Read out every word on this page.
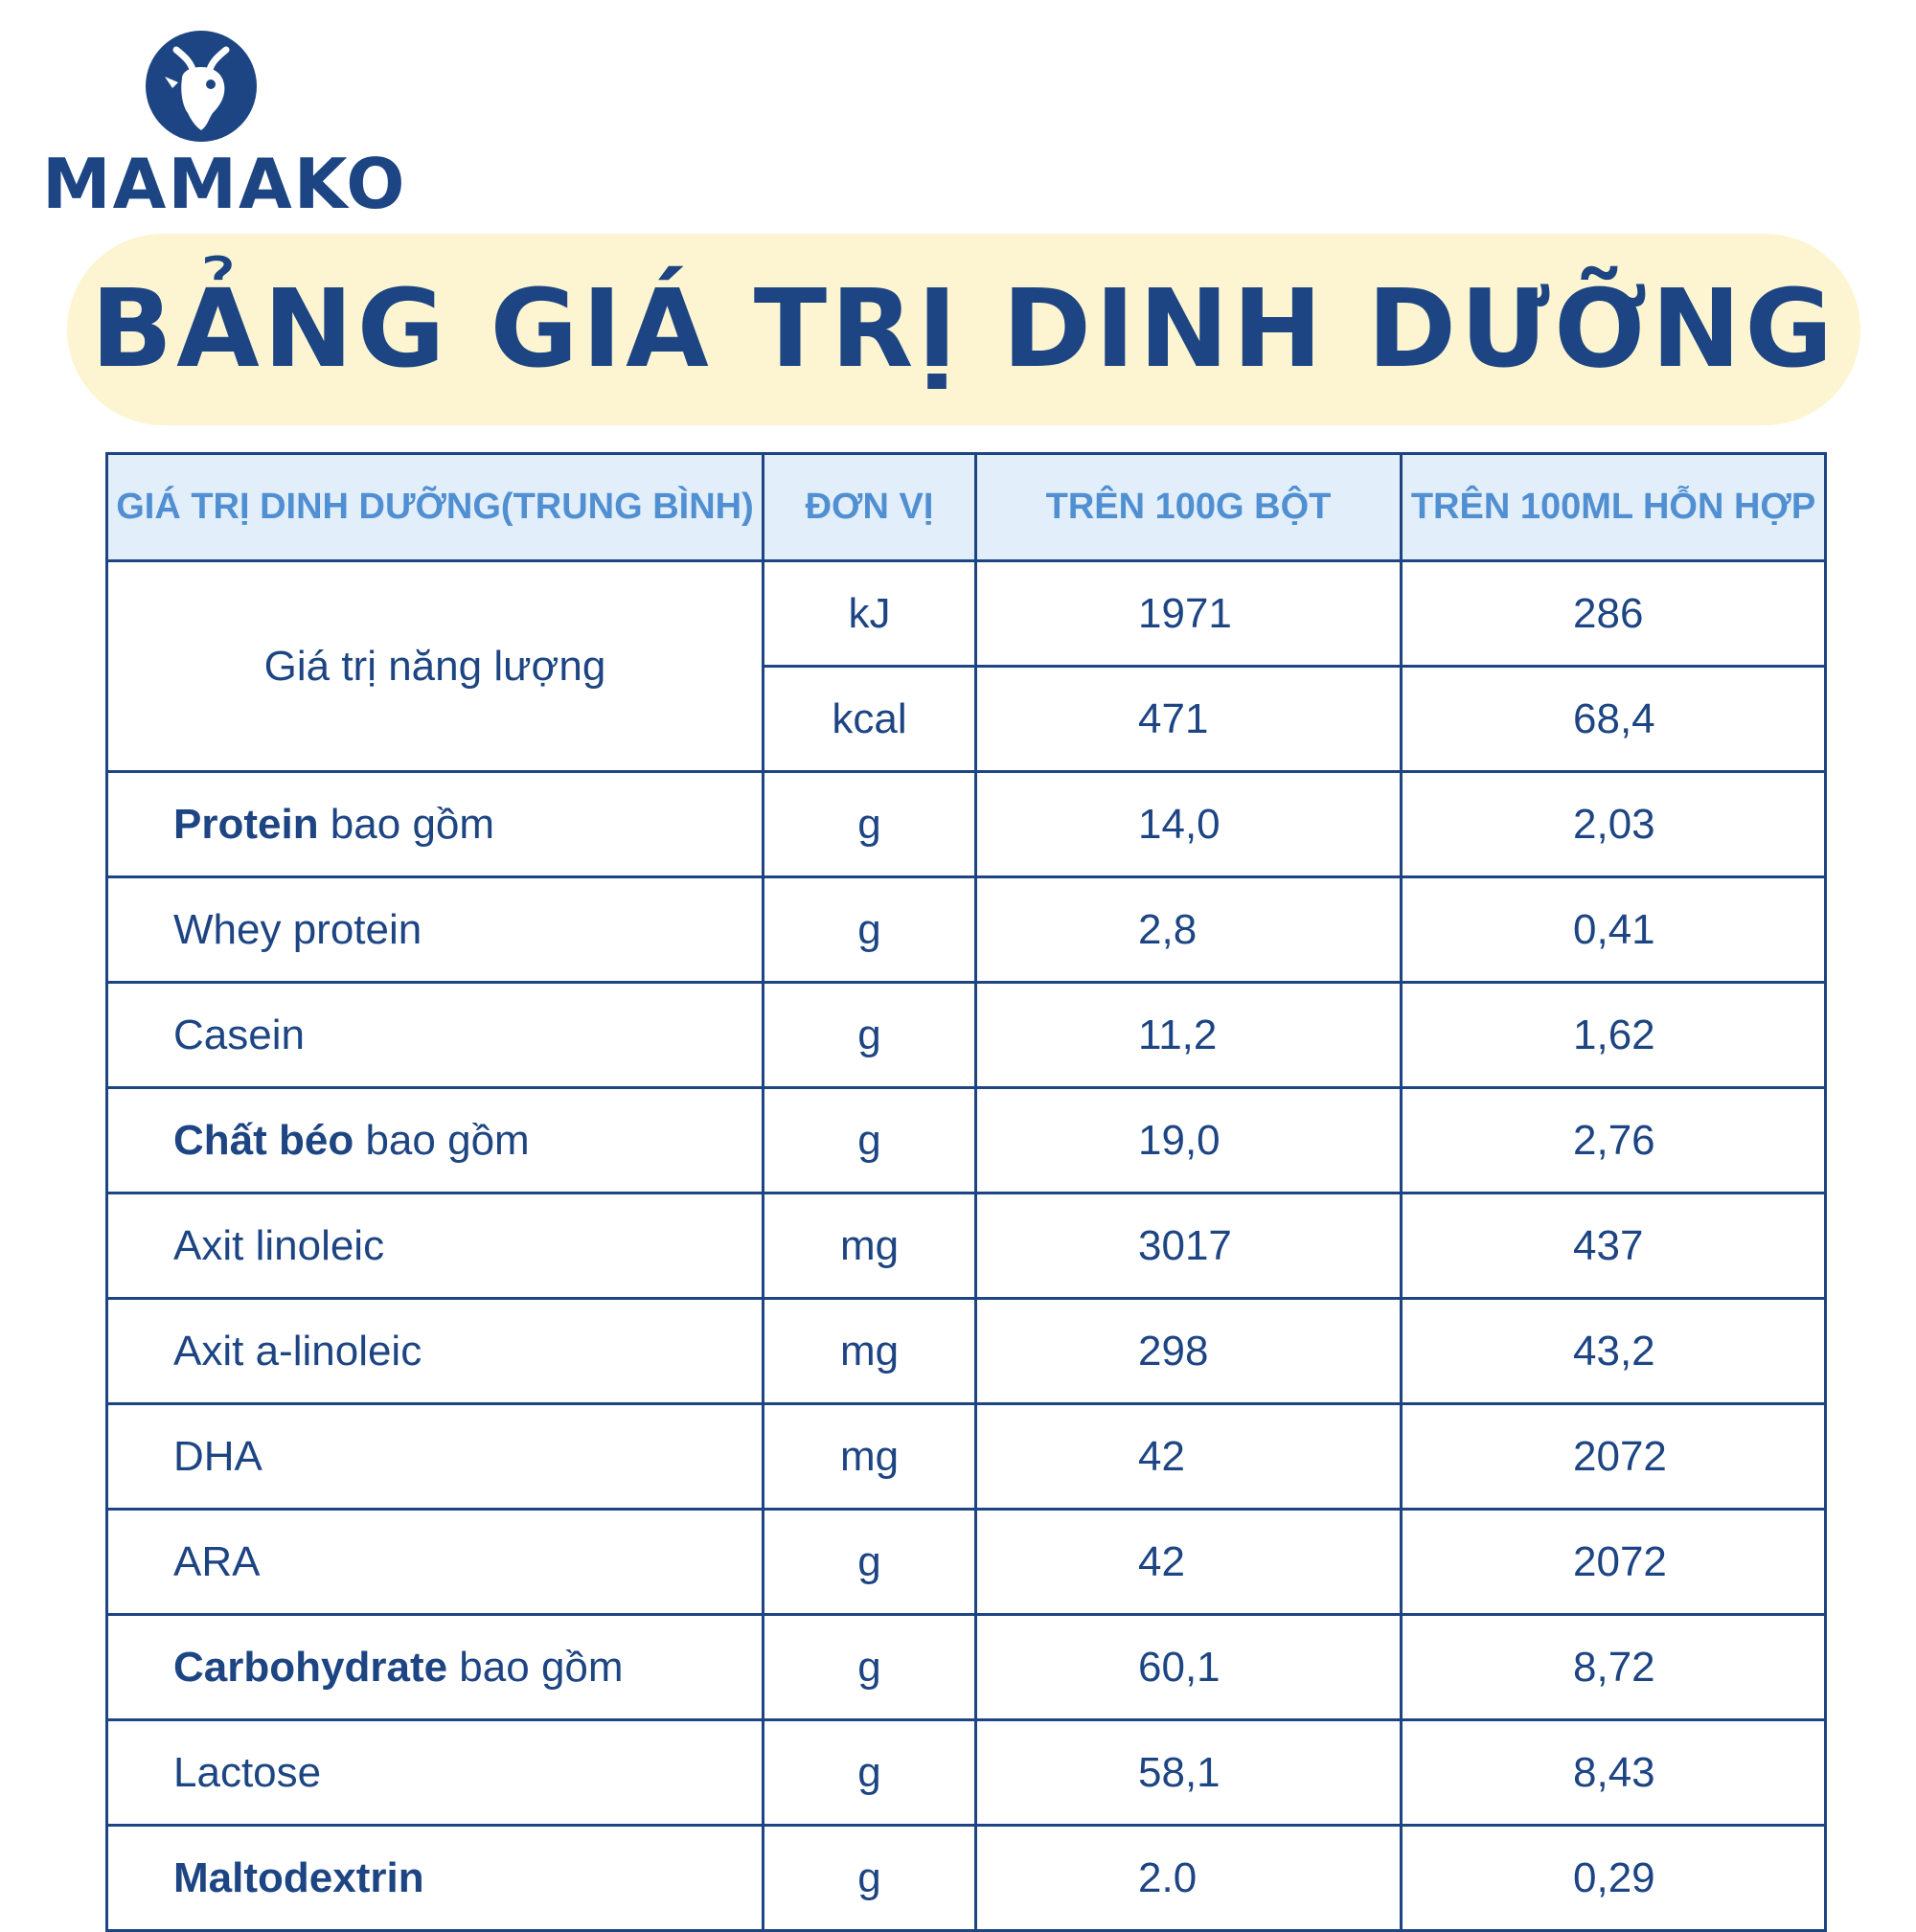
MAMAKO
BẢNG GIÁ TRỊ DINH DƯỠNG
GIÁ TRỊ DINH DƯỠNG(TRUNG BÌNH)	ĐƠN VỊ	TRÊN 100G BỘT	TRÊN 100ML HỖN HỢP
Giá trị năng lượng	kJ	1971	286
	kcal	471	68,4
Protein bao gồm	g	14,0	2,03
Whey protein	g	2,8	0,41
Casein	g	11,2	1,62
Chất béo bao gồm	g	19,0	2,76
Axit linoleic	mg	3017	437
Axit a-linoleic	mg	298	43,2
DHA	mg	42	2072
ARA	g	42	2072
Carbohydrate bao gồm	g	60,1	8,72
Lactose	g	58,1	8,43
Maltodextrin	g	2.0	0,29
